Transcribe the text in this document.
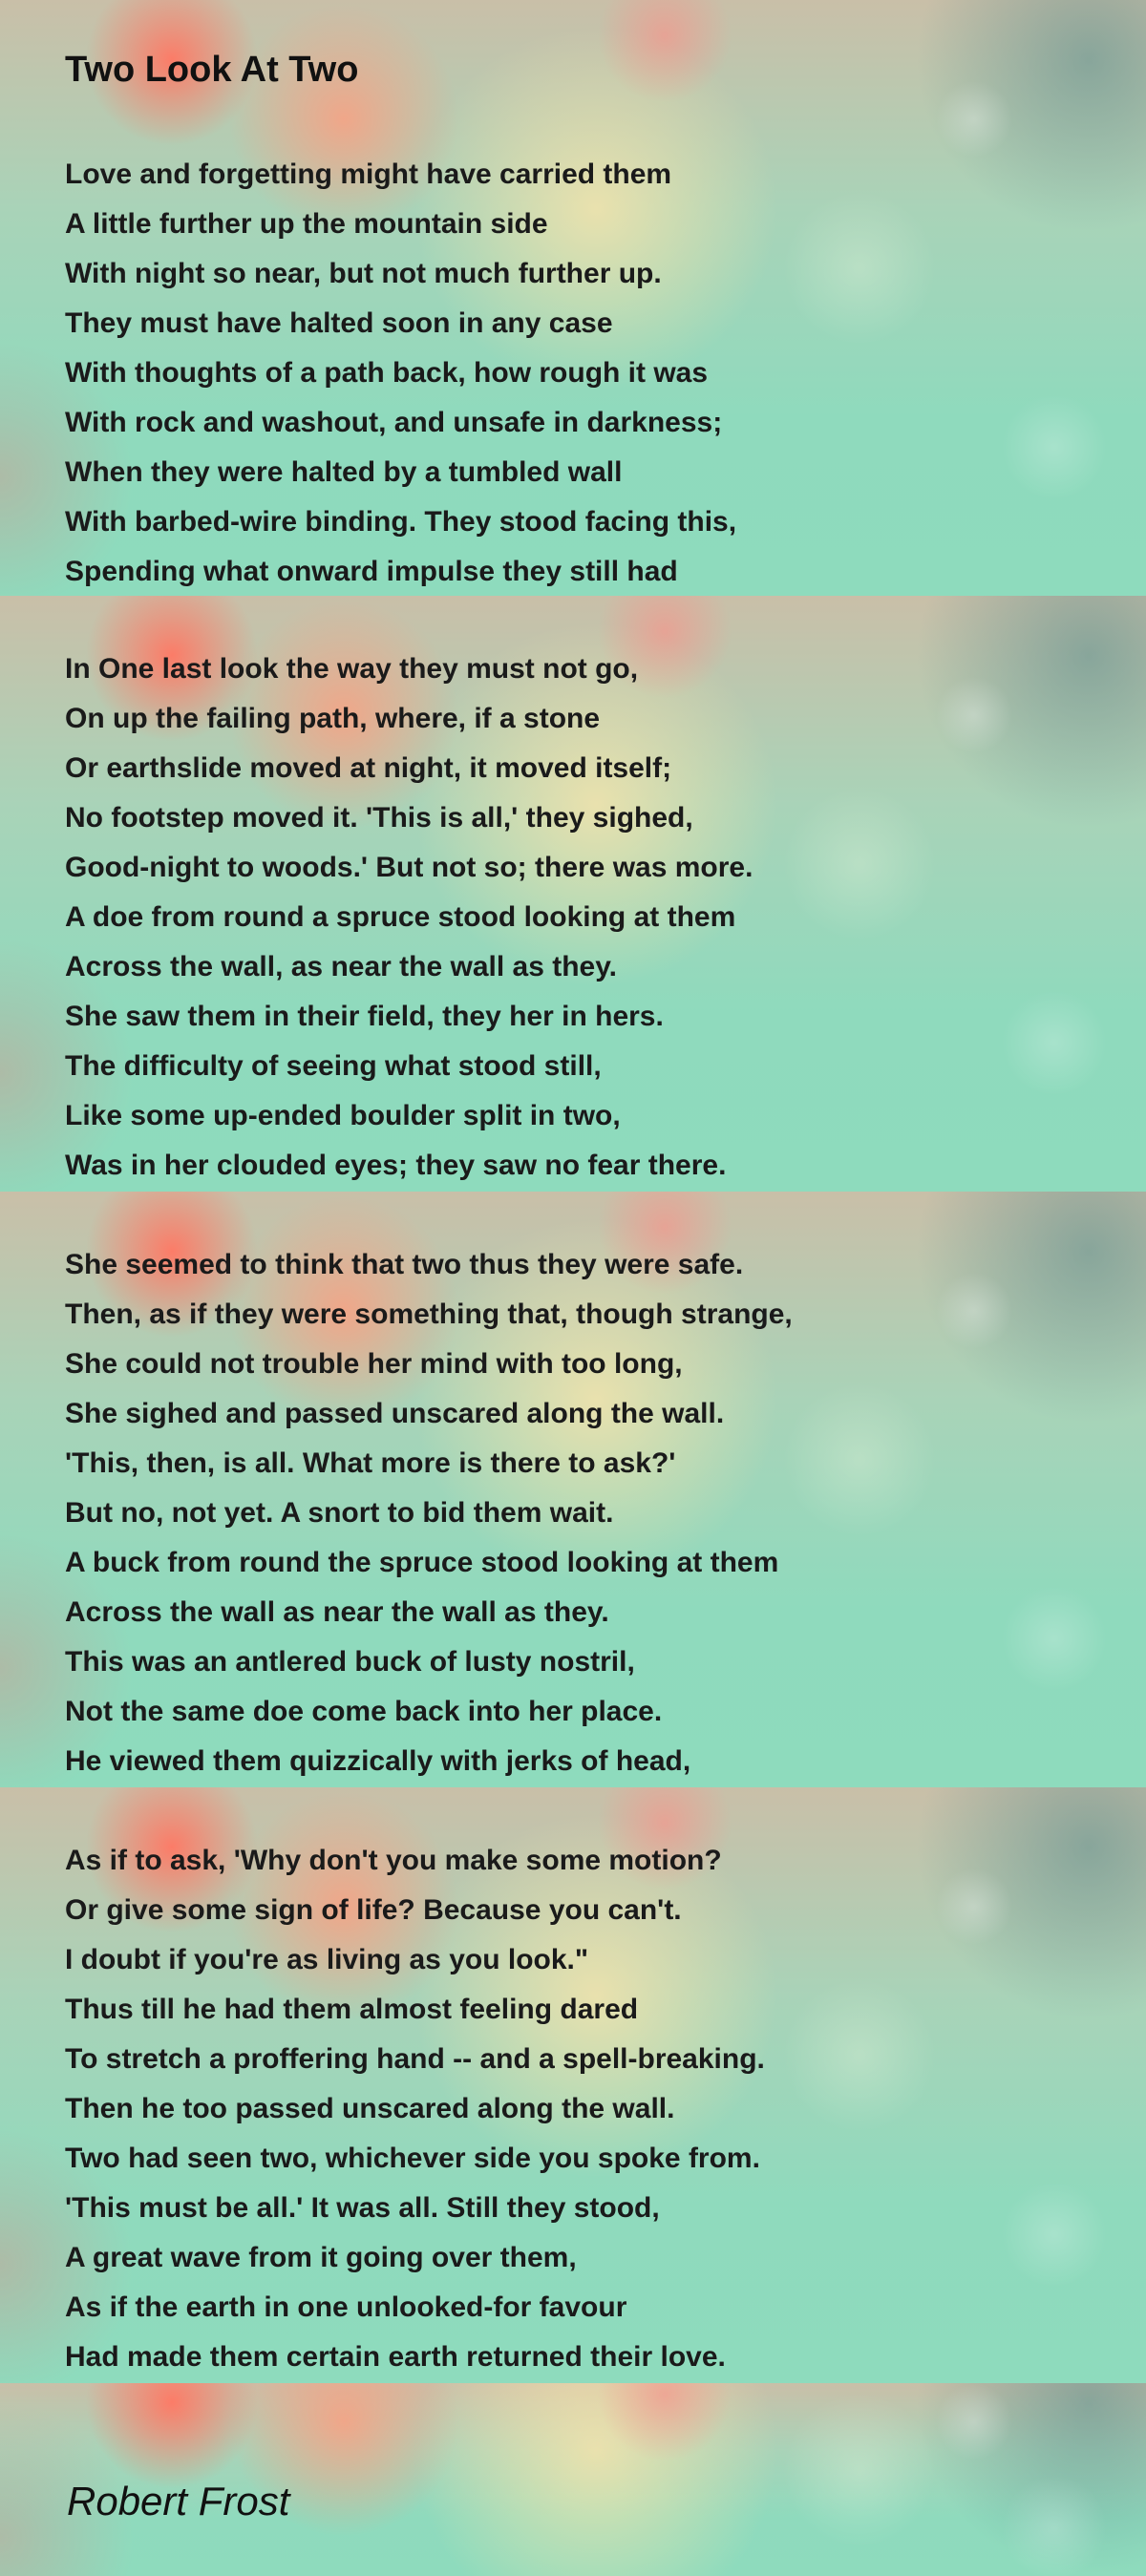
Two Look At Two
Love and forgetting might have carried them
A little further up the mountain side
With night so near, but not much further up.
They must have halted soon in any case
With thoughts of a path back, how rough it was
With rock and washout, and unsafe in darkness;
When they were halted by a tumbled wall
With barbed-wire binding. They stood facing this,
Spending what onward impulse they still had
In One last look the way they must not go,
On up the failing path, where, if a stone
Or earthslide moved at night, it moved itself;
No footstep moved it. 'This is all,' they sighed,
Good-night to woods.' But not so; there was more.
A doe from round a spruce stood looking at them
Across the wall, as near the wall as they.
She saw them in their field, they her in hers.
The difficulty of seeing what stood still,
Like some up-ended boulder split in two,
Was in her clouded eyes; they saw no fear there.
She seemed to think that two thus they were safe.
Then, as if they were something that, though strange,
She could not trouble her mind with too long,
She sighed and passed unscared along the wall.
'This, then, is all. What more is there to ask?'
But no, not yet. A snort to bid them wait.
A buck from round the spruce stood looking at them
Across the wall as near the wall as they.
This was an antlered buck of lusty nostril,
Not the same doe come back into her place.
He viewed them quizzically with jerks of head,
As if to ask, 'Why don't you make some motion?
Or give some sign of life? Because you can't.
I doubt if you're as living as you look."
Thus till he had them almost feeling dared
To stretch a proffering hand -- and a spell-breaking.
Then he too passed unscared along the wall.
Two had seen two, whichever side you spoke from.
'This must be all.' It was all. Still they stood,
A great wave from it going over them,
As if the earth in one unlooked-for favour
Had made them certain earth returned their love.
Robert Frost
